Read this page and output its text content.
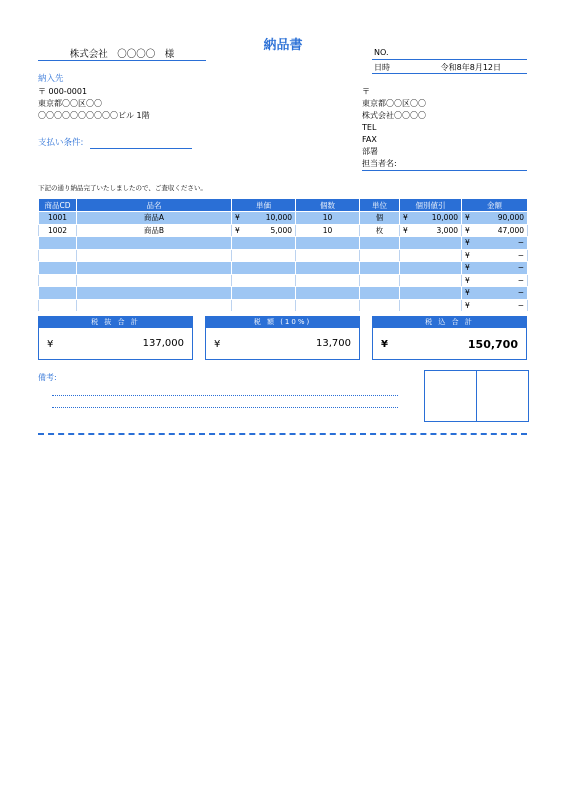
納品書
株式会社　〇〇〇〇　様	NO.
日時	令和8年8月12日
納入先
〒 000-0001
東京都〇〇区〇〇
〇〇〇〇〇〇〇〇〇〇ビル 1階
支払い条件:
〒
東京都〇〇区〇〇
株式会社〇〇〇〇
TEL
FAX
部署
担当者名:
下記の通り納品完了いたしましたので、ご査収ください。
商品CD	品名	単価	個数	単位	個別値引	金額
1001	商品A	¥ 10,000	10	個	¥ 10,000	¥ 90,000
1002	商品B	¥ 5,000	10	枚	¥ 3,000	¥ 47,000

						¥ −

						¥ −

						¥ −

						¥ −

						¥ −

						¥ −
税 抜 合 計
¥	137,000
税 額 (10%)
¥	13,700
税 込 合 計
¥	150,700
備考:
